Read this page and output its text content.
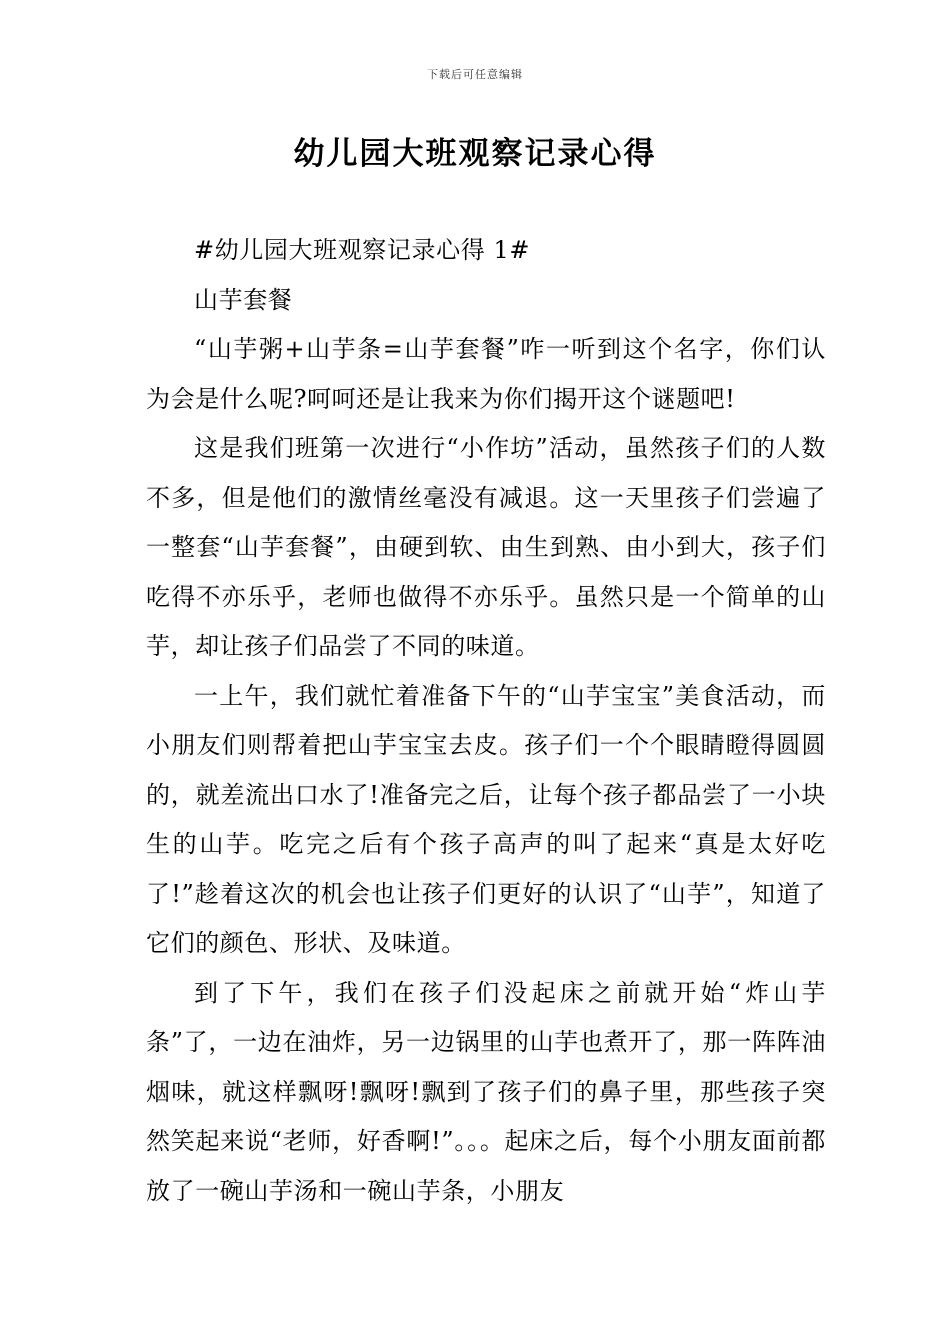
下载后可任意编辑
幼儿园大班观察记录心得

#幼儿园大班观察记录心得 1#

山芋套餐

“山芋粥+山芋条=山芋套餐”咋一听到这个名字，你们认为会是什么呢?呵呵还是让我来为你们揭开这个谜题吧!

这是我们班第一次进行“小作坊”活动，虽然孩子们的人数不多，但是他们的激情丝毫没有减退。这一天里孩子们尝遍了一整套“山芋套餐”，由硬到软、由生到熟、由小到大，孩子们吃得不亦乐乎，老师也做得不亦乐乎。虽然只是一个简单的山芋，却让孩子们品尝了不同的味道。

一上午，我们就忙着准备下午的“山芋宝宝”美食活动，而小朋友们则帮着把山芋宝宝去皮。孩子们一个个眼睛瞪得圆圆的，就差流出口水了!准备完之后，让每个孩子都品尝了一小块生的山芋。吃完之后有个孩子高声的叫了起来“真是太好吃了!”趁着这次的机会也让孩子们更好的认识了“山芋”，知道了它们的颜色、形状、及味道。

到了下午，我们在孩子们没起床之前就开始“炸山芋条”了，一边在油炸，另一边锅里的山芋也煮开了，那一阵阵油烟味，就这样飘呀!飘呀!飘到了孩子们的鼻子里，那些孩子突然笑起来说“老师，好香啊!”。。。起床之后，每个小朋友面前都放了一碗山芋汤和一碗山芋条，小朋友
